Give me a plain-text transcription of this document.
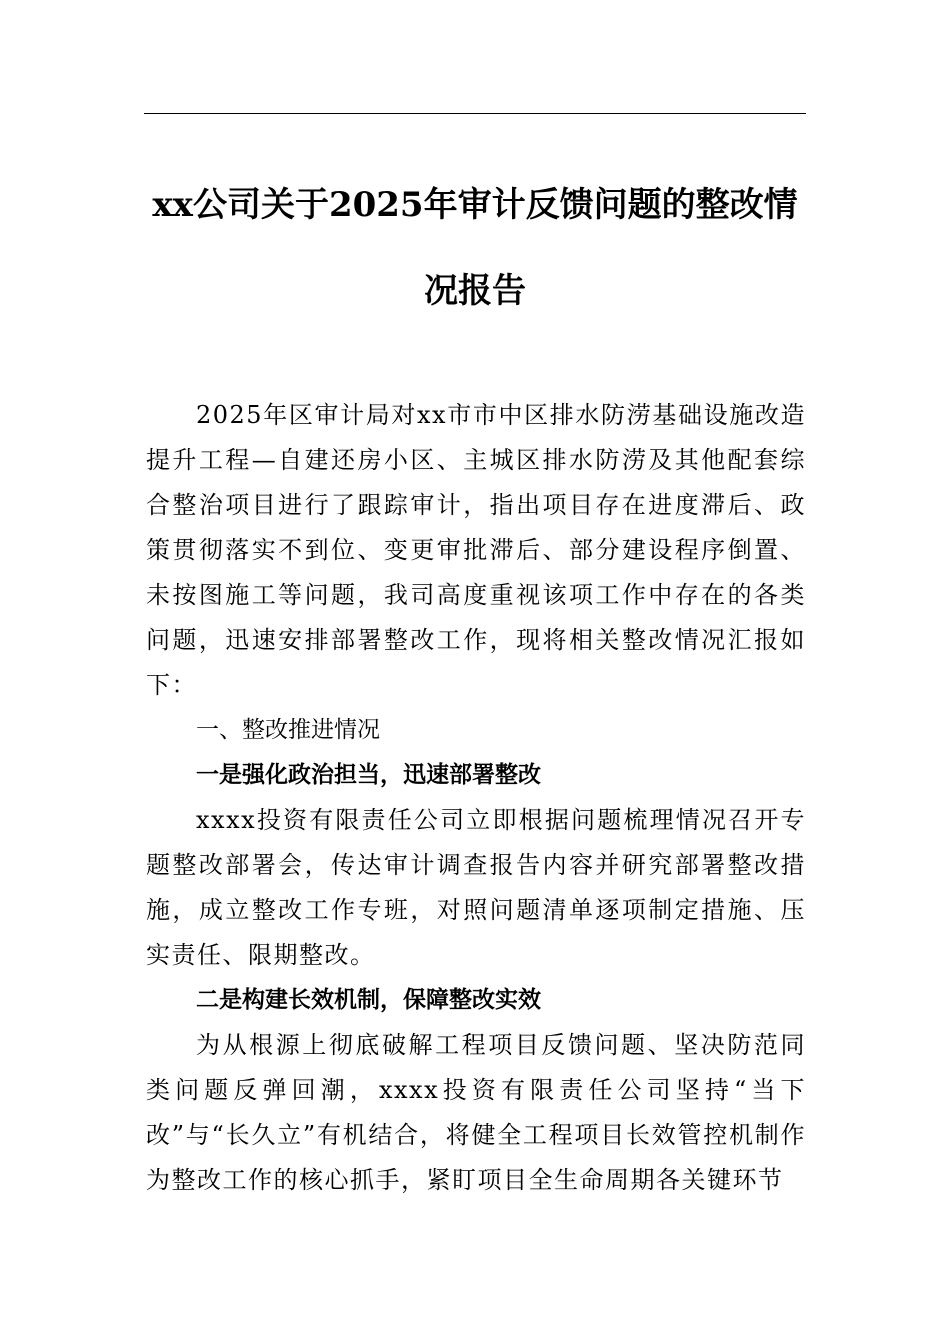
xx公司关于2025年审计反馈问题的整改情况报告

2025年区审计局对xx市市中区排水防涝基础设施改造提升工程—自建还房小区、主城区排水防涝及其他配套综合整治项目进行了跟踪审计，指出项目存在进度滞后、政策贯彻落实不到位、变更审批滞后、部分建设程序倒置、未按图施工等问题，我司高度重视该项工作中存在的各类问题，迅速安排部署整改工作，现将相关整改情况汇报如下：

一、整改推进情况

一是强化政治担当，迅速部署整改

xxxx投资有限责任公司立即根据问题梳理情况召开专题整改部署会，传达审计调查报告内容并研究部署整改措施，成立整改工作专班，对照问题清单逐项制定措施、压实责任、限期整改。

二是构建长效机制，保障整改实效

为从根源上彻底破解工程项目反馈问题、坚决防范同类问题反弹回潮，xxxx投资有限责任公司坚持“当下改”与“长久立”有机结合，将健全工程项目长效管控机制作为整改工作的核心抓手，紧盯项目全生命周期各关键环节
